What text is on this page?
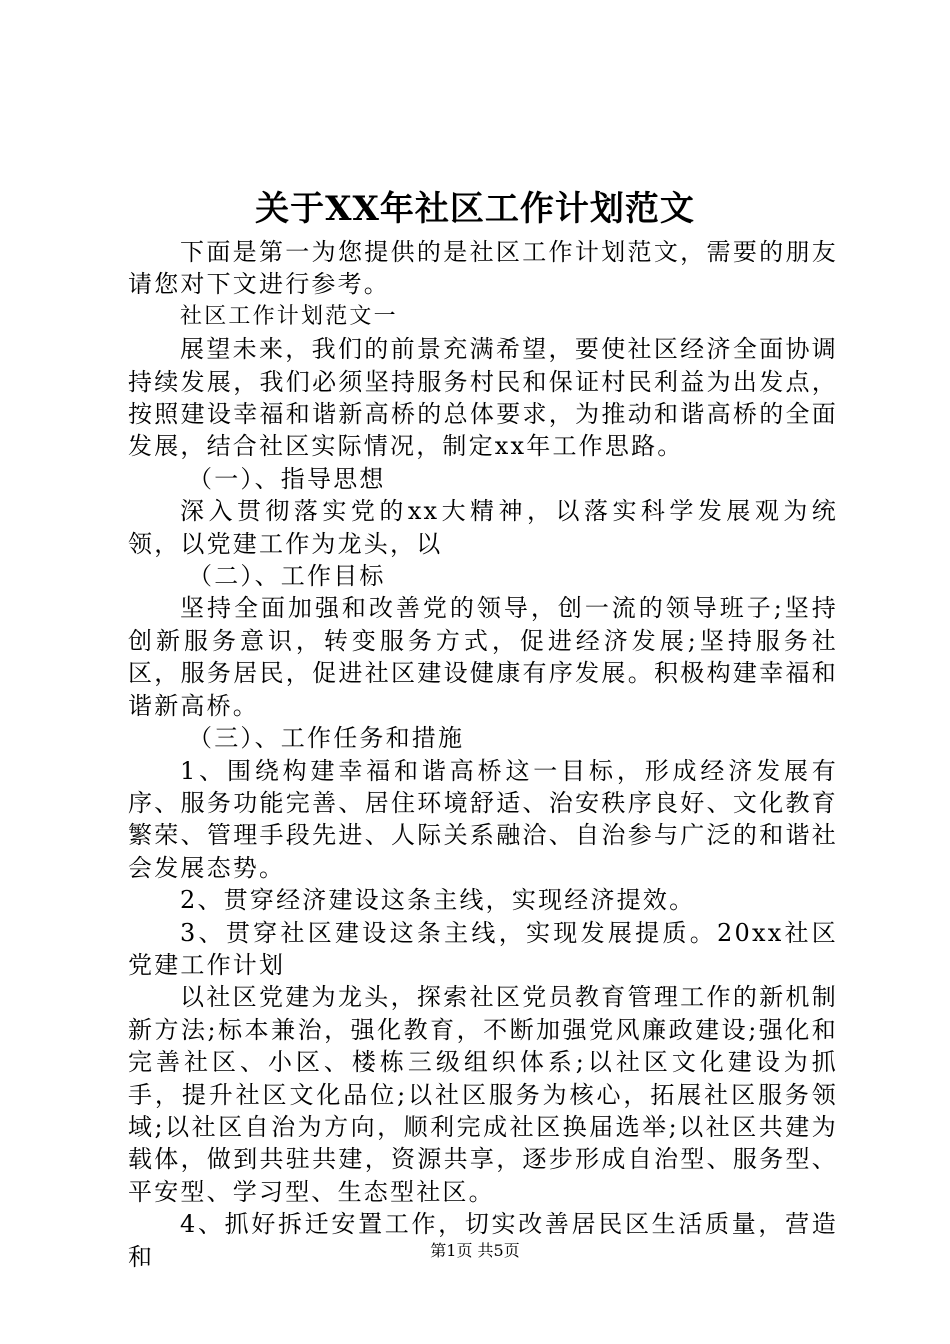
关于XX年社区工作计划范文

下面是第一为您提供的是社区工作计划范文，需要的朋友请您对下文进行参考。

社区工作计划范文一

展望未来，我们的前景充满希望，要使社区经济全面协调持续发展，我们必须坚持服务村民和保证村民利益为出发点，按照建设幸福和谐新高桥的总体要求，为推动和谐高桥的全面发展，结合社区实际情况，制定xx年工作思路。

（一）、指导思想

深入贯彻落实党的xx大精神，以落实科学发展观为统领，以党建工作为龙头，以

（二）、工作目标

坚持全面加强和改善党的领导，创一流的领导班子;坚持创新服务意识，转变服务方式，促进经济发展;坚持服务社区，服务居民，促进社区建设健康有序发展。积极构建幸福和谐新高桥。

（三）、工作任务和措施

1、围绕构建幸福和谐高桥这一目标，形成经济发展有序、服务功能完善、居住环境舒适、治安秩序良好、文化教育繁荣、管理手段先进、人际关系融洽、自治参与广泛的和谐社会发展态势。

2、贯穿经济建设这条主线，实现经济提效。

3、贯穿社区建设这条主线，实现发展提质。20xx社区党建工作计划

以社区党建为龙头，探索社区党员教育管理工作的新机制新方法;标本兼治，强化教育，不断加强党风廉政建设;强化和完善社区、小区、楼栋三级组织体系;以社区文化建设为抓手，提升社区文化品位;以社区服务为核心，拓展社区服务领域;以社区自治为方向，顺利完成社区换届选举;以社区共建为载体，做到共驻共建，资源共享，逐步形成自治型、服务型、平安型、学习型、生态型社区。

4、抓好拆迁安置工作，切实改善居民区生活质量，营造和	第1页 共5页
